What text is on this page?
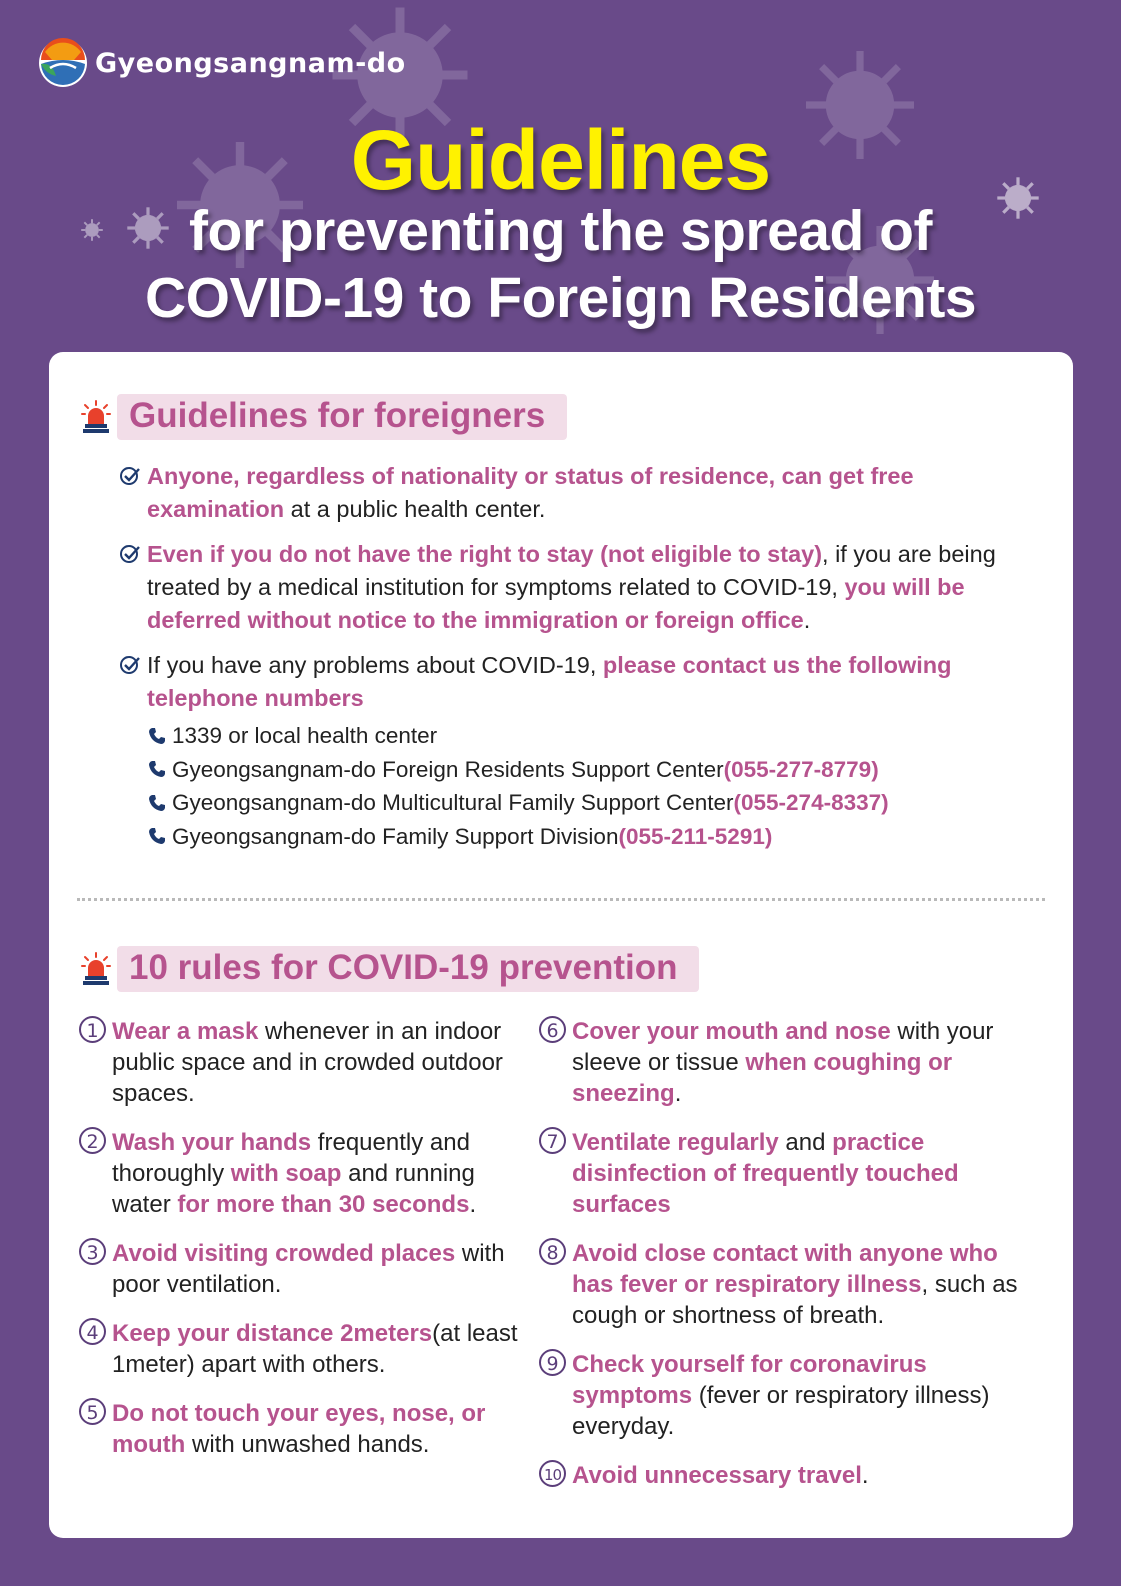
Gyeongsangnam-do
Guidelines
for preventing the spread of
COVID-19 to Foreign Residents
Guidelines for foreigners
Anyone, regardless of nationality or status of residence, can get free examination at a public health center.
Even if you do not have the right to stay (not eligible to stay), if you are being treated by a medical institution for symptoms related to COVID-19, you will be deferred without notice to the immigration or foreign office.
If you have any problems about COVID-19, please contact us the following telephone numbers
1339 or local health center
Gyeongsangnam-do Foreign Residents Support Center (055-277-8779)
Gyeongsangnam-do Multicultural Family Support Center (055-274-8337)
Gyeongsangnam-do Family Support Division (055-211-5291)
10 rules for COVID-19 prevention
1 Wear a mask whenever in an indoor public space and in crowded outdoor spaces.
2 Wash your hands frequently and thoroughly with soap and running water for more than 30 seconds.
3 Avoid visiting crowded places with poor ventilation.
4 Keep your distance 2meters(at least 1meter) apart with others.
5 Do not touch your eyes, nose, or mouth with unwashed hands.
6 Cover your mouth and nose with your sleeve or tissue when coughing or sneezing.
7 Ventilate regularly and practice disinfection of frequently touched surfaces
8 Avoid close contact with anyone who has fever or respiratory illness, such as cough or shortness of breath.
9 Check yourself for coronavirus symptoms (fever or respiratory illness) everyday.
10 Avoid unnecessary travel.
